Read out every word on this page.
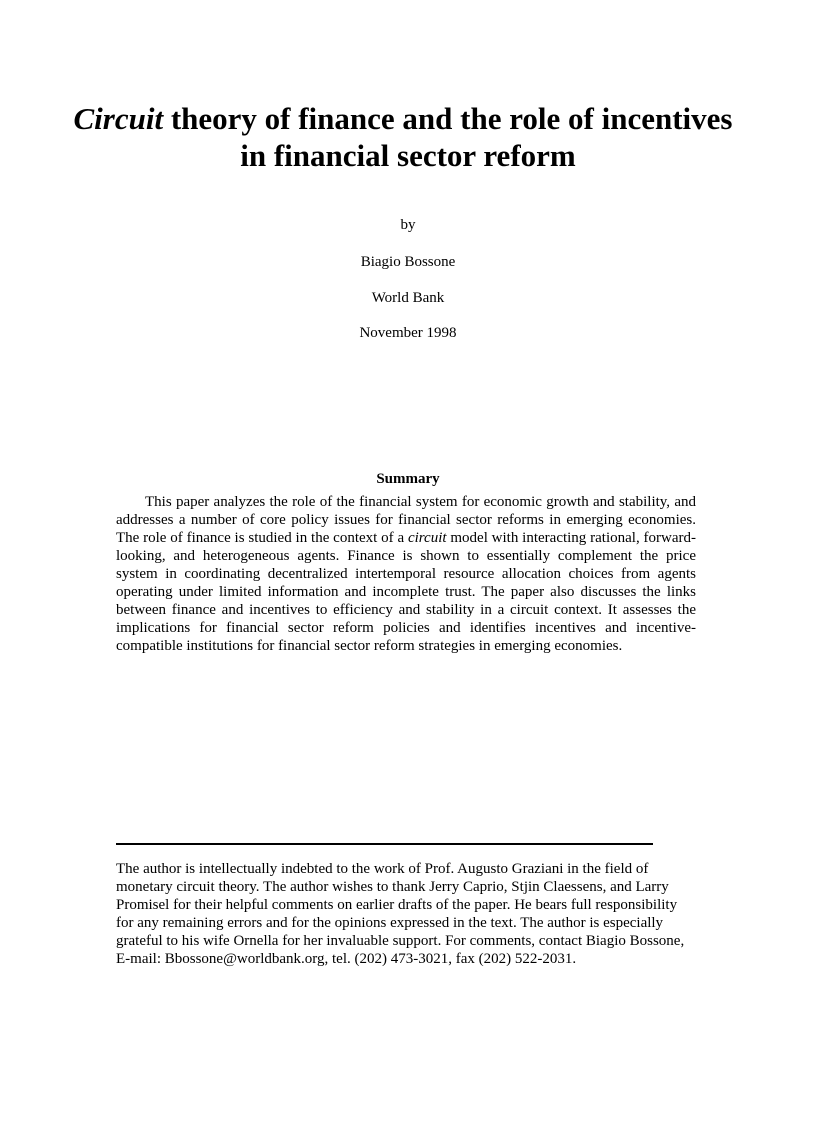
Circuit theory of finance and the role of incentives
in financial sector reform
by
Biagio Bossone
World Bank
November 1998
Summary

This paper analyzes the role of the financial system for economic growth and stability, and addresses a number of core policy issues for financial sector reforms in emerging economies. The role of finance is studied in the context of a circuit model with interacting rational, forward-looking, and heterogeneous agents. Finance is shown to essentially complement the price system in coordinating decentralized intertemporal resource allocation choices from agents operating under limited information and incomplete trust. The paper also discusses the links between finance and incentives to efficiency and stability in a circuit context. It assesses the implications for financial sector reform policies and identifies incentives and incentive-compatible institutions for financial sector reform strategies in emerging economies.

The author is intellectually indebted to the work of Prof. Augusto Graziani in the field of monetary circuit theory. The author wishes to thank Jerry Caprio, Stjin Claessens, and Larry Promisel for their helpful comments on earlier drafts of the paper. He bears full responsibility for any remaining errors and for the opinions expressed in the text. The author is especially grateful to his wife Ornella for her invaluable support. For comments, contact Biagio Bossone, E-mail: Bbossone@worldbank.org, tel. (202) 473-3021, fax (202) 522-2031.
